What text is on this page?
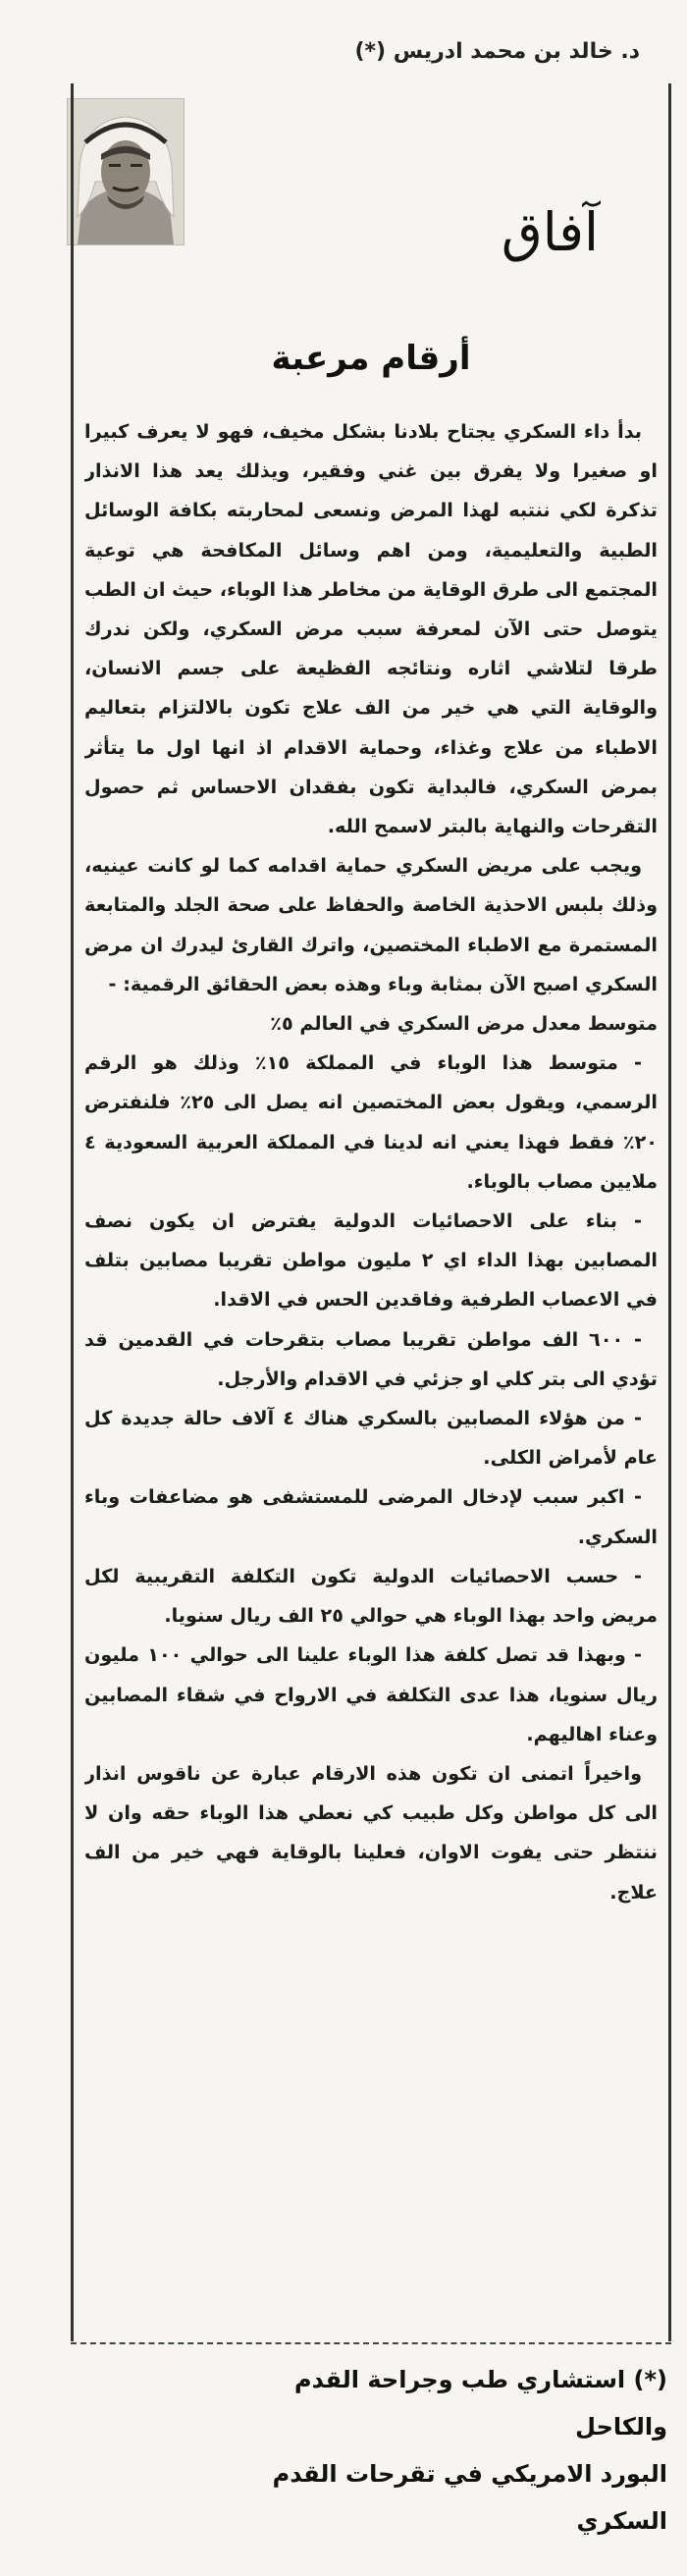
د. خالد بن محمد ادريس (*)
آفاق
أرقام مرعبة

بدأ داء السكري يجتاح بلادنا بشكل مخيف، فهو لا يعرف كبيرا او صغيرا ولا يفرق بين غني وفقير، ويذلك يعد هذا الانذار تذكرة لكي ننتبه لهذا المرض ونسعى لمحاربته بكافة الوسائل الطبية والتعليمية، ومن اهم وسائل المكافحة هي توعية المجتمع الى طرق الوقاية من مخاطر هذا الوباء، حيث ان الطب يتوصل حتى الآن لمعرفة سبب مرض السكري، ولكن ندرك طرقا لتلاشي اثاره ونتائجه الفظيعة على جسم الانسان، والوقاية التي هي خير من الف علاج تكون بالالتزام بتعاليم الاطباء من علاج وغذاء، وحماية الاقدام اذ انها اول ما يتأثر بمرض السكري، فالبداية تكون بفقدان الاحساس ثم حصول التقرحات والنهاية بالبتر لاسمح الله.

ويجب على مريض السكري حماية اقدامه كما لو كانت عينيه، وذلك بلبس الاحذية الخاصة والحفاظ على صحة الجلد والمتابعة المستمرة مع الاطباء المختصين، واترك القارئ ليدرك ان مرض السكري اصبح الآن بمثابة وباء وهذه بعض الحقائق الرقمية: -

متوسط معدل مرض السكري في العالم ٥٪

- متوسط هذا الوباء في المملكة ١٥٪ وذلك هو الرقم الرسمي، ويقول بعض المختصين انه يصل الى ٢٥٪ فلنفترض ٢٠٪ فقط فهذا يعني انه لدينا في المملكة العربية السعودية ٤ ملايين مصاب بالوباء.

- بناء على الاحصائيات الدولية يفترض ان يكون نصف المصابين بهذا الداء اي ٢ مليون مواطن تقريبا مصابين بتلف في الاعصاب الطرفية وفاقدين الحس في الاقدا.

- ٦٠٠ الف مواطن تقريبا مصاب بتقرحات في القدمين قد تؤدي الى بتر كلي او جزئي في الاقدام والأرجل.

- من هؤلاء المصابين بالسكري هناك ٤ آلاف حالة جديدة كل عام لأمراض الكلى.

- اكبر سبب لإدخال المرضى للمستشفى هو مضاعفات وباء السكري.

- حسب الاحصائيات الدولية تكون التكلفة التقريبية لكل مريض واحد بهذا الوباء هي حوالي ٢٥ الف ريال سنويا.

- وبهذا قد تصل كلفة هذا الوباء علينا الى حوالي ١٠٠ مليون ريال سنويا، هذا عدى التكلفة في الارواح في شقاء المصابين وعناء اهاليهم.

واخيراً اتمنى ان تكون هذه الارقام عبارة عن ناقوس انذار الى كل مواطن وكل طبيب كي نعطي هذا الوباء حقه وان لا ننتظر حتى يفوت الاوان، فعلينا بالوقاية فهي خير من الف علاج.

(*) استشاري طب وجراحة القدم
والكاحل
البورد الامريكي في تقرحات القدم
السكري
